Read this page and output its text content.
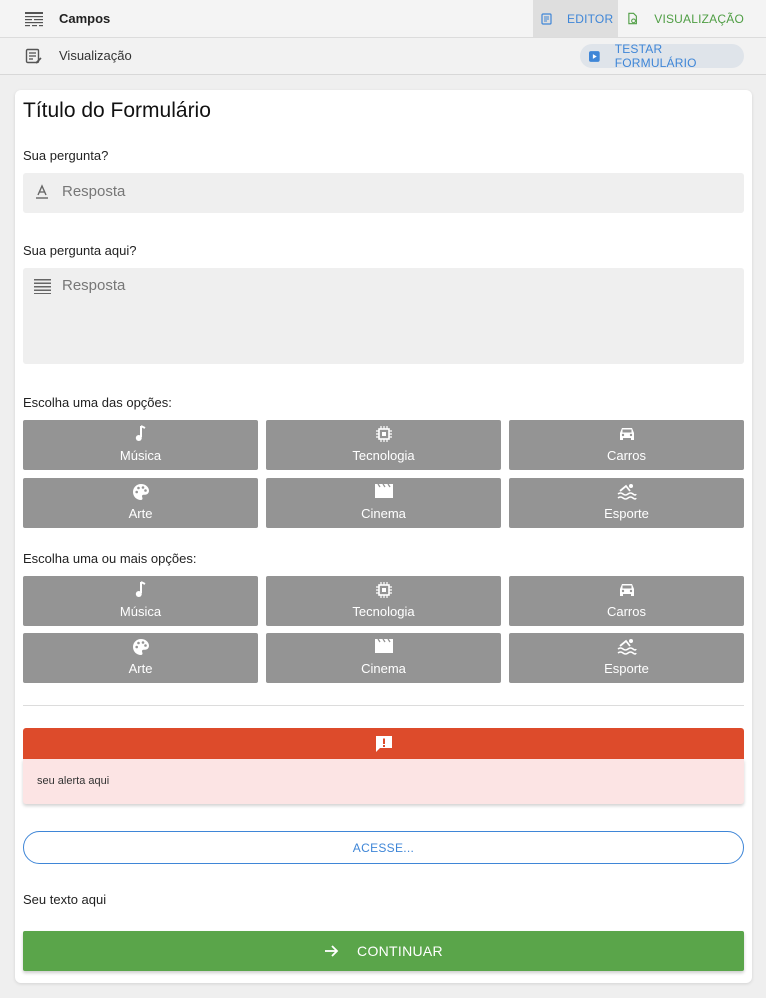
Campos	EDITOR	VISUALIZAÇÃO
Visualização	TESTAR FORMULÁRIO
Título do Formulário
Sua pergunta?
Resposta
Sua pergunta aqui?
Resposta
Escolha uma das opções:
Música	Tecnologia	Carros
Arte	Cinema	Esporte
Escolha uma ou mais opções:
Música	Tecnologia	Carros
Arte	Cinema	Esporte
seu alerta aqui
ACESSE...
Seu texto aqui
CONTINUAR
